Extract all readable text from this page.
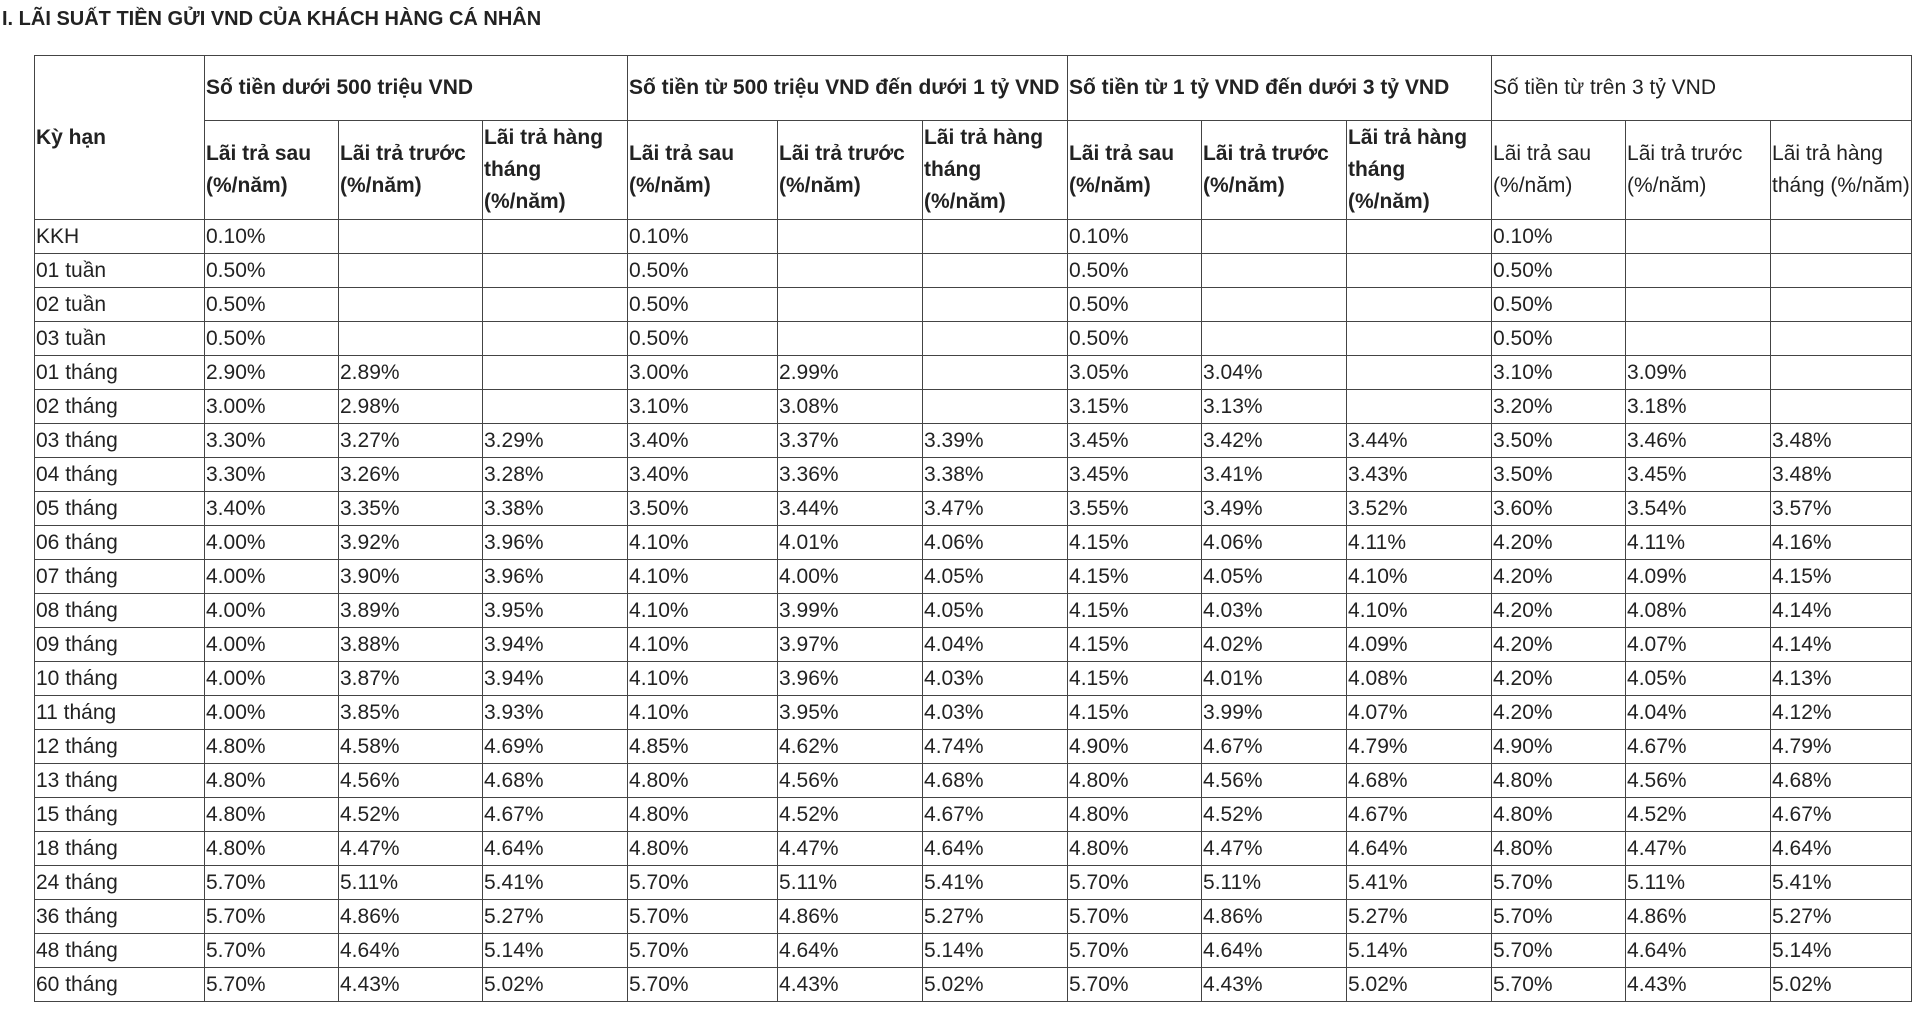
I. LÃI SUẤT TIỀN GỬI VND CỦA KHÁCH HÀNG CÁ NHÂN
Kỳ hạn	Số tiền dưới 500 triệu VND			Số tiền từ 500 triệu VND đến dưới 1 tỷ VND			Số tiền từ 1 tỷ VND đến dưới 3 tỷ VND			Số tiền từ trên 3 tỷ VND		
	Lãi trả sau (%/năm)	Lãi trả trước (%/năm)	Lãi trả hàng tháng (%/năm)	Lãi trả sau (%/năm)	Lãi trả trước (%/năm)	Lãi trả hàng tháng (%/năm)	Lãi trả sau (%/năm)	Lãi trả trước (%/năm)	Lãi trả hàng tháng (%/năm)	Lãi trả sau (%/năm)	Lãi trả trước (%/năm)	Lãi trả hàng tháng (%/năm)
KKH	0.10%			0.10%			0.10%			0.10%		
01 tuần	0.50%			0.50%			0.50%			0.50%		
02 tuần	0.50%			0.50%			0.50%			0.50%		
03 tuần	0.50%			0.50%			0.50%			0.50%		
01 tháng	2.90%	2.89%		3.00%	2.99%		3.05%	3.04%		3.10%	3.09%	
02 tháng	3.00%	2.98%		3.10%	3.08%		3.15%	3.13%		3.20%	3.18%	
03 tháng	3.30%	3.27%	3.29%	3.40%	3.37%	3.39%	3.45%	3.42%	3.44%	3.50%	3.46%	3.48%
04 tháng	3.30%	3.26%	3.28%	3.40%	3.36%	3.38%	3.45%	3.41%	3.43%	3.50%	3.45%	3.48%
05 tháng	3.40%	3.35%	3.38%	3.50%	3.44%	3.47%	3.55%	3.49%	3.52%	3.60%	3.54%	3.57%
06 tháng	4.00%	3.92%	3.96%	4.10%	4.01%	4.06%	4.15%	4.06%	4.11%	4.20%	4.11%	4.16%
07 tháng	4.00%	3.90%	3.96%	4.10%	4.00%	4.05%	4.15%	4.05%	4.10%	4.20%	4.09%	4.15%
08 tháng	4.00%	3.89%	3.95%	4.10%	3.99%	4.05%	4.15%	4.03%	4.10%	4.20%	4.08%	4.14%
09 tháng	4.00%	3.88%	3.94%	4.10%	3.97%	4.04%	4.15%	4.02%	4.09%	4.20%	4.07%	4.14%
10 tháng	4.00%	3.87%	3.94%	4.10%	3.96%	4.03%	4.15%	4.01%	4.08%	4.20%	4.05%	4.13%
11 tháng	4.00%	3.85%	3.93%	4.10%	3.95%	4.03%	4.15%	3.99%	4.07%	4.20%	4.04%	4.12%
12 tháng	4.80%	4.58%	4.69%	4.85%	4.62%	4.74%	4.90%	4.67%	4.79%	4.90%	4.67%	4.79%
13 tháng	4.80%	4.56%	4.68%	4.80%	4.56%	4.68%	4.80%	4.56%	4.68%	4.80%	4.56%	4.68%
15 tháng	4.80%	4.52%	4.67%	4.80%	4.52%	4.67%	4.80%	4.52%	4.67%	4.80%	4.52%	4.67%
18 tháng	4.80%	4.47%	4.64%	4.80%	4.47%	4.64%	4.80%	4.47%	4.64%	4.80%	4.47%	4.64%
24 tháng	5.70%	5.11%	5.41%	5.70%	5.11%	5.41%	5.70%	5.11%	5.41%	5.70%	5.11%	5.41%
36 tháng	5.70%	4.86%	5.27%	5.70%	4.86%	5.27%	5.70%	4.86%	5.27%	5.70%	4.86%	5.27%
48 tháng	5.70%	4.64%	5.14%	5.70%	4.64%	5.14%	5.70%	4.64%	5.14%	5.70%	4.64%	5.14%
60 tháng	5.70%	4.43%	5.02%	5.70%	4.43%	5.02%	5.70%	4.43%	5.02%	5.70%	4.43%	5.02%
